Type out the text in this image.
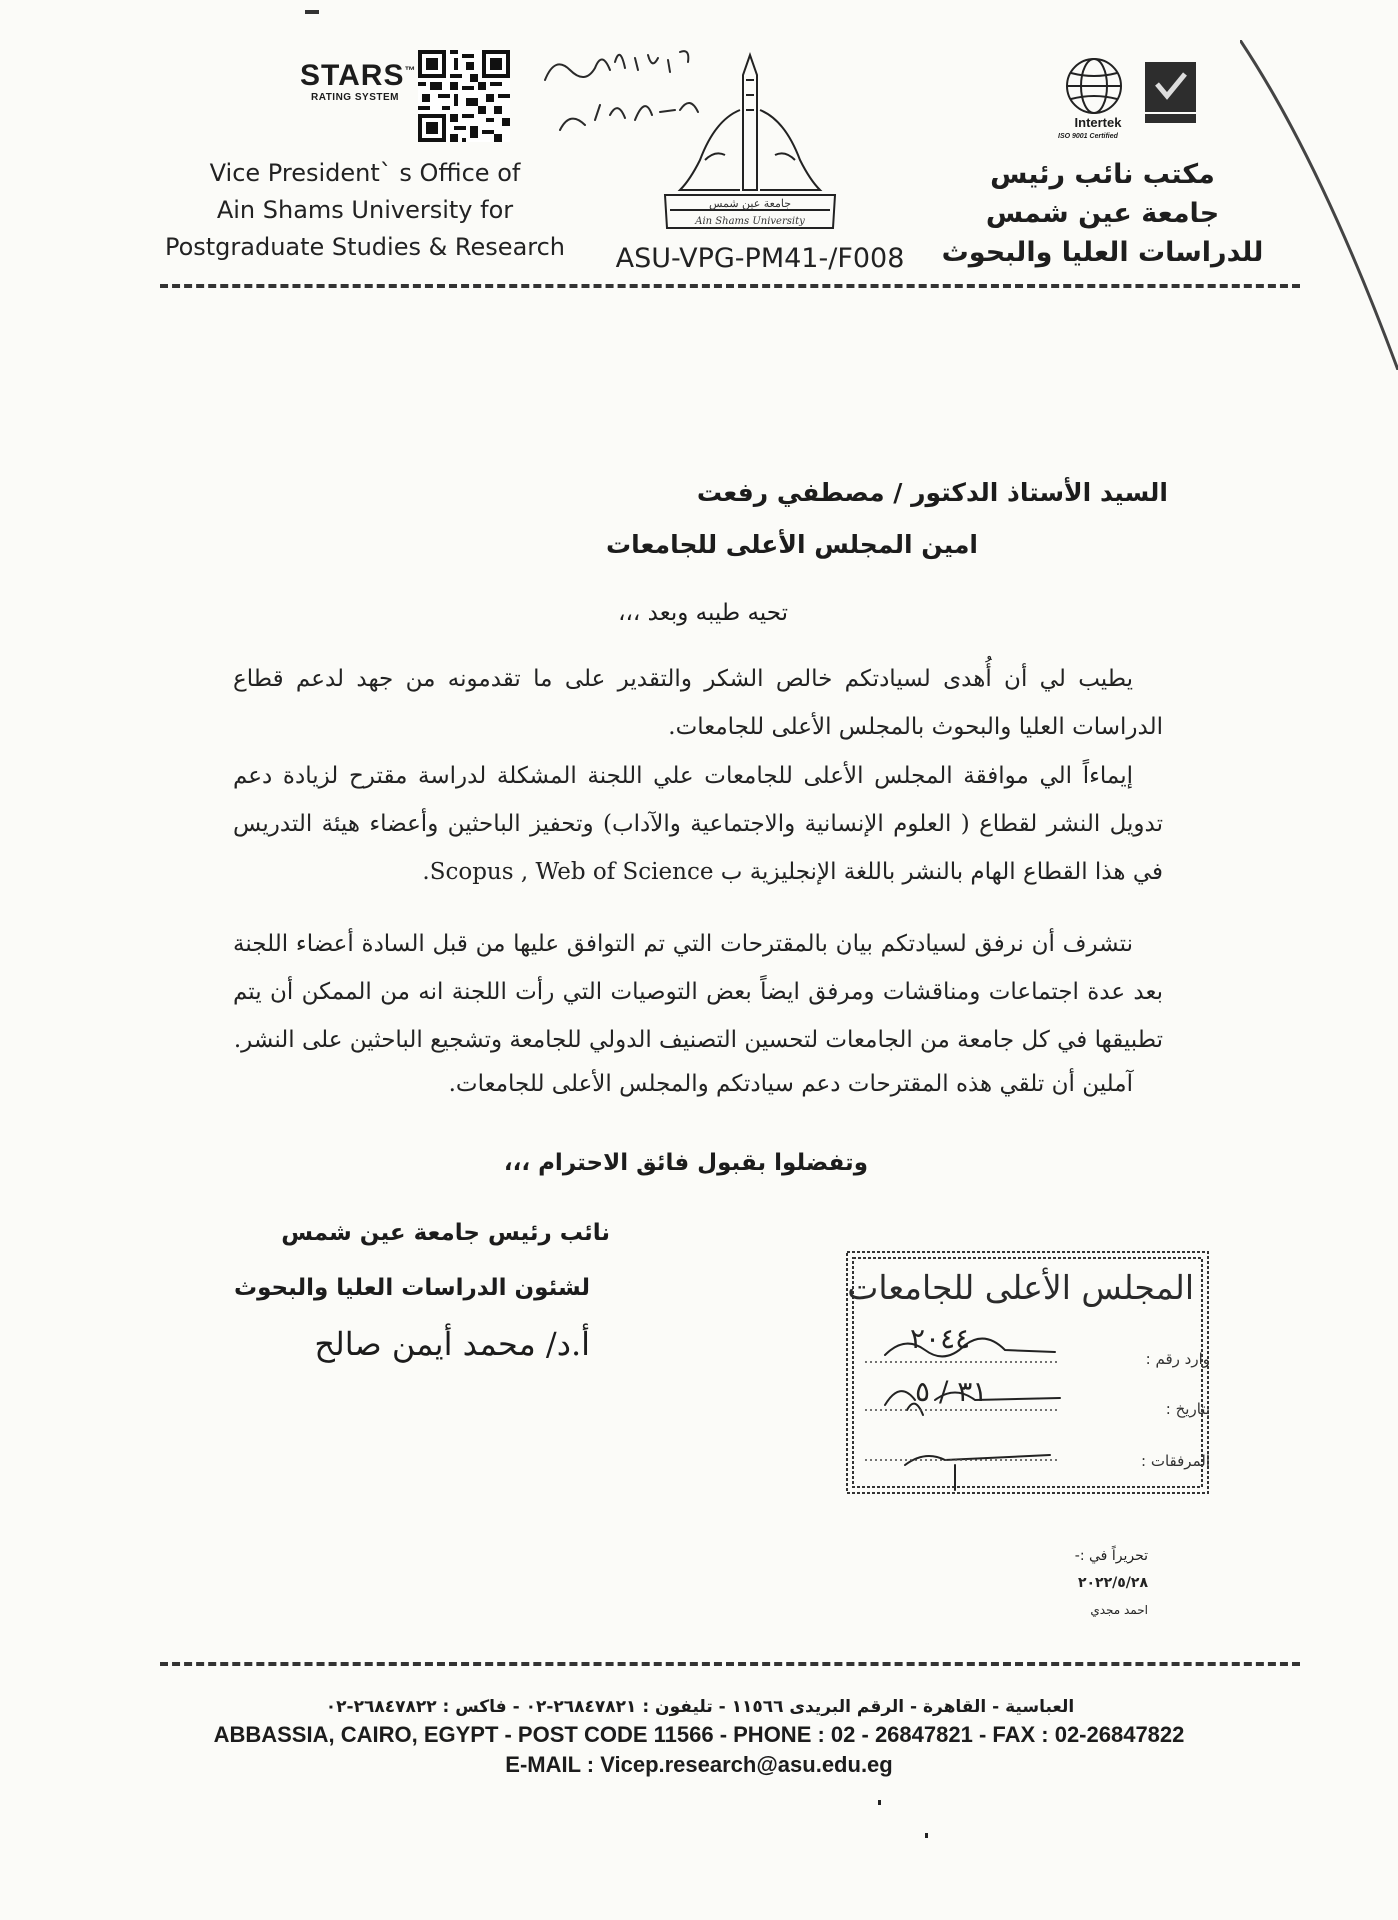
STARS™
RATING SYSTEM
Vice President` s Office of
Ain Shams University for
Postgraduate Studies & Research
٩٠٦٨ / ٢
٢٠٢٢/٥/٢٩
جامعة عين شمس
Ain Shams University
ASU-VPG-PM41-/F008
Intertek
ISO 9001 Certified
مكتب نائب رئيس
جامعة عين شمس
للدراسات العليا والبحوث
السيد الأستاذ الدكتور / مصطفي رفعت
امين المجلس الأعلى للجامعات
تحيه طيبه وبعد ،،،

يطيب لي أن أُهدى لسيادتكم خالص الشكر والتقدير على ما تقدمونه من جهد لدعم قطاع الدراسات العليا والبحوث بالمجلس الأعلى للجامعات.

إيماءاً الي موافقة المجلس الأعلى للجامعات علي اللجنة المشكلة لدراسة مقترح لزيادة دعم تدويل النشر لقطاع ( العلوم الإنسانية والاجتماعية والآداب) وتحفيز الباحثين وأعضاء هيئة التدريس في هذا القطاع الهام بالنشر باللغة الإنجليزية ب Scopus , Web of Science.

نتشرف أن نرفق لسيادتكم بيان بالمقترحات التي تم التوافق عليها من قبل السادة أعضاء اللجنة بعد عدة اجتماعات ومناقشات ومرفق ايضاً بعض التوصيات التي رأت اللجنة انه من الممكن أن يتم تطبيقها في كل جامعة من الجامعات لتحسين التصنيف الدولي للجامعة وتشجيع الباحثين على النشر.

آملين أن تلقي هذه المقترحات دعم سيادتكم والمجلس الأعلى للجامعات.

وتفضلوا بقبول فائق الاحترام ،،،
نائب رئيس جامعة عين شمس
لشئون الدراسات العليا والبحوث
أ.د/ محمد أيمن صالح
المجلس الأعلى للجامعات
وارد رقم :
٢٠٤٤
بتاريخ :
٣١ / ٥
المرفقات :
تحريراً في :-
٢٠٢٢/٥/٢٨
احمد مجدي
العباسية - القاهرة - الرقم البريدى ١١٥٦٦ - تليفون : ٢٦٨٤٧٨٢١-٠٢ - فاكس : ٢٦٨٤٧٨٢٢-٠٢
ABBASSIA, CAIRO, EGYPT - POST CODE 11566 - PHONE : 02 - 26847821 - FAX : 02-26847822
E-MAIL : Vicep.research@asu.edu.eg
